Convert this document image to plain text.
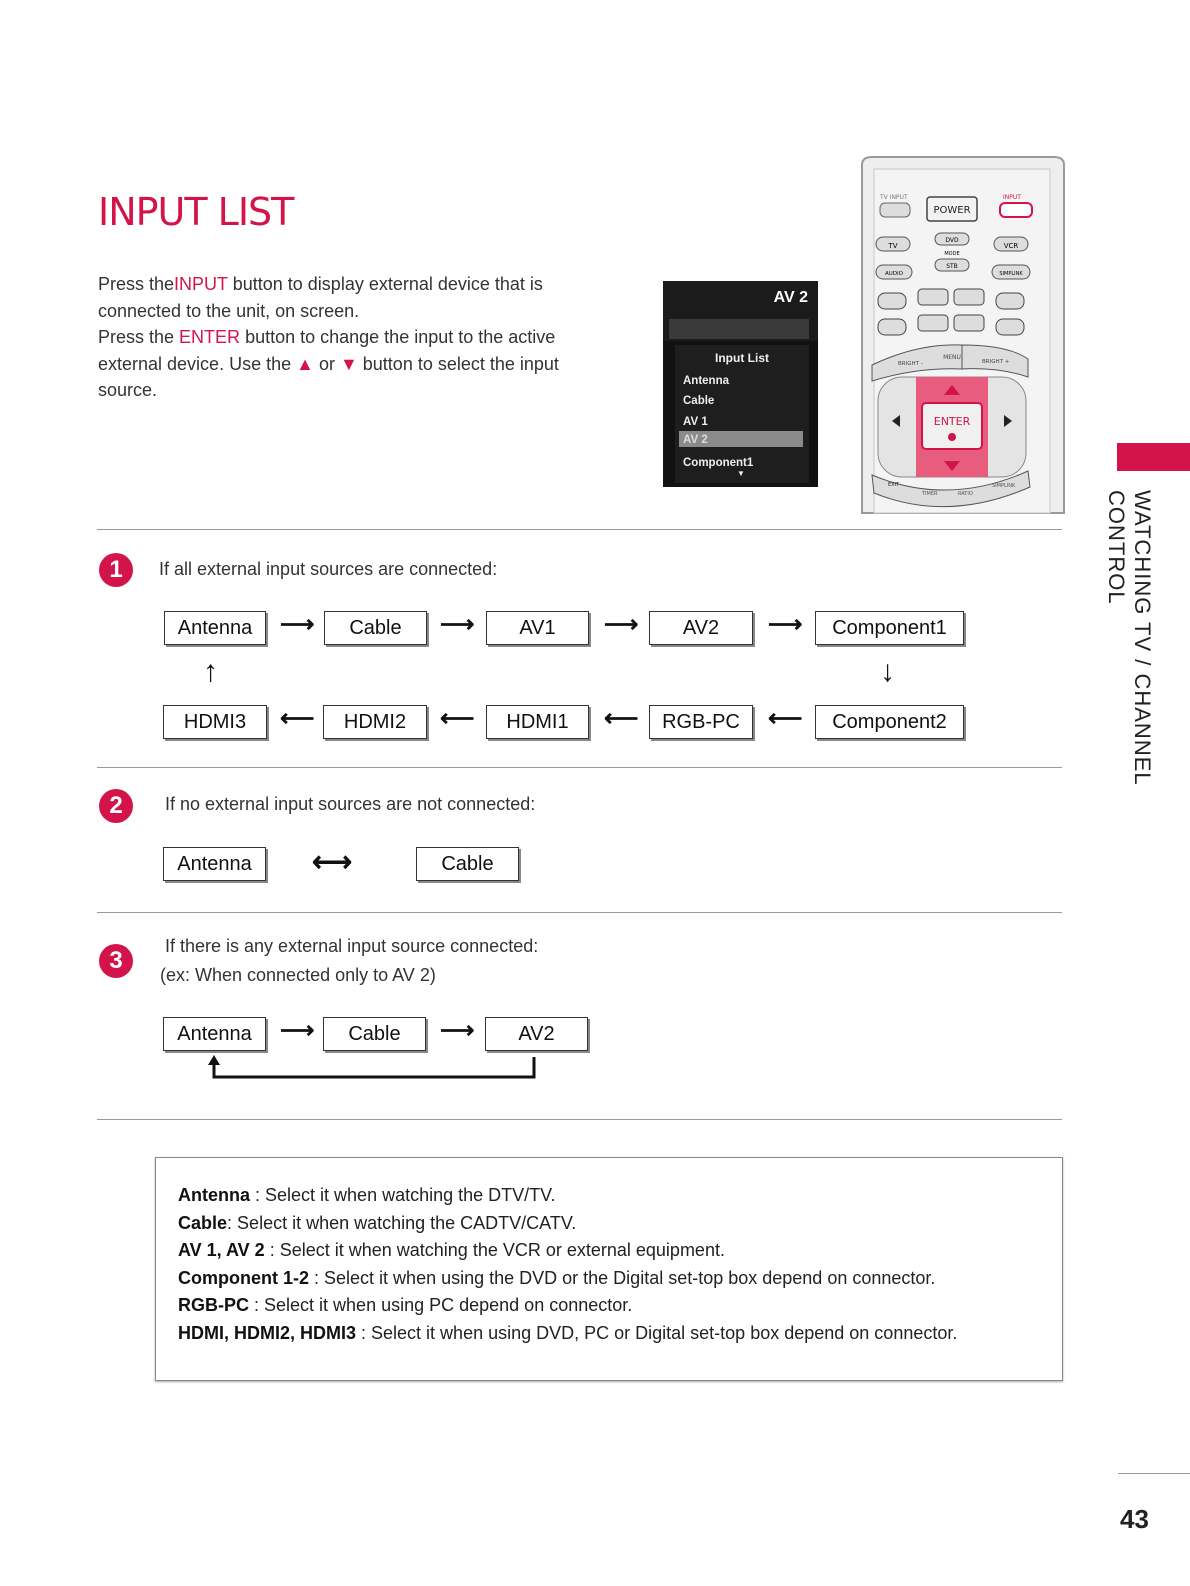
INPUT LIST
Press theINPUT button to display external device that is connected to the unit, on screen.
Press the ENTER button to change the input to the active external device. Use the ▲ or ▼ button to select the input source.
AV 2
Input List
Antenna
Cable
AV 1
AV 2
Component1
▼
TV INPUT
POWER
INPUT
TV
DVD
VCR
MODE
STB
AUDIO	SIMPLINK
BRIGHT -
MENU
BRIGHT +
ENTER
EXIT
TIMER	RATIO
SIMPLINK
1	If all external input sources are connected:
Antenna	⟶	Cable	⟶	AV1	⟶	AV2	⟶	Component1
↑	↓
HDMI3	⟵	HDMI2	⟵	HDMI1	⟵	RGB-PC	⟵	Component2
2	If no external input sources are not connected:
Antenna	⟷	Cable
3
If there is any external input source connected:
(ex: When connected only to AV 2)
Antenna	⟶	Cable	⟶	AV2
Antenna : Select it when watching the DTV/TV.
Cable: Select it when watching the CADTV/CATV.
AV 1, AV 2 : Select it when watching the VCR or external equipment.
Component 1-2 : Select it when using the DVD or the Digital set-top box depend on connector.
RGB-PC : Select it when using PC depend on connector.
HDMI, HDMI2, HDMI3 : Select it when using DVD, PC or Digital set-top box depend on connector.
WATCHING TV / CHANNEL CONTROL
43
